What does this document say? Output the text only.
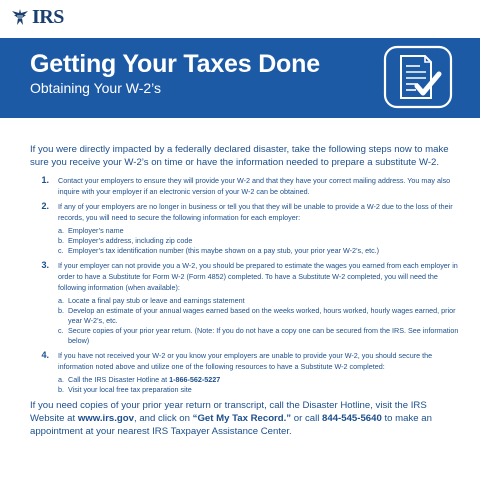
IRS
Getting Your Taxes Done
Obtaining Your W-2’s

If you were directly impacted by a federally declared disaster, take the following steps now to make sure you receive your W-2’s on time or have the information needed to prepare a substitute W-2.

1.	Contact your employers to ensure they will provide your W-2 and that they have your correct mailing address. You may also inquire with your employer if an electronic version of your W-2 can be obtained.
2.	If any of your employers are no longer in business or tell you that they will be unable to provide a W-2 due to the loss of their records, you will need to secure the following information for each employer:
a. Employer’s name
b. Employer’s address, including zip code
c. Employer’s tax identification number (this maybe shown on a pay stub, your prior year W-2’s, etc.)
3.	If your employer can not provide you a W-2, you should be prepared to estimate the wages you earned from each employer in order to have a Substitute for Form W-2 (Form 4852) completed. To have a Substitute W-2 completed, you will need the following information (when available):
a. Locate a final pay stub or leave and earnings statement
b. Develop an estimate of your annual wages earned based on the weeks worked, hours worked, hourly wages earned, prior year W-2’s, etc.
c. Secure copies of your prior year return. (Note: If you do not have a copy one can be secured from the IRS. See information below)
4.	If you have not received your W-2 or you know your employers are unable to provide your W-2, you should secure the information noted above and utilize one of the following resources to have a Substitute W-2 completed:
a. Call the IRS Disaster Hotline at 1-866-562-5227
b. Visit your local free tax preparation site

If you need copies of your prior year return or transcript, call the Disaster Hotline, visit the IRS Website at www.irs.gov, and click on “Get My Tax Record.” or call 844-545-5640 to make an appointment at your nearest IRS Taxpayer Assistance Center.
